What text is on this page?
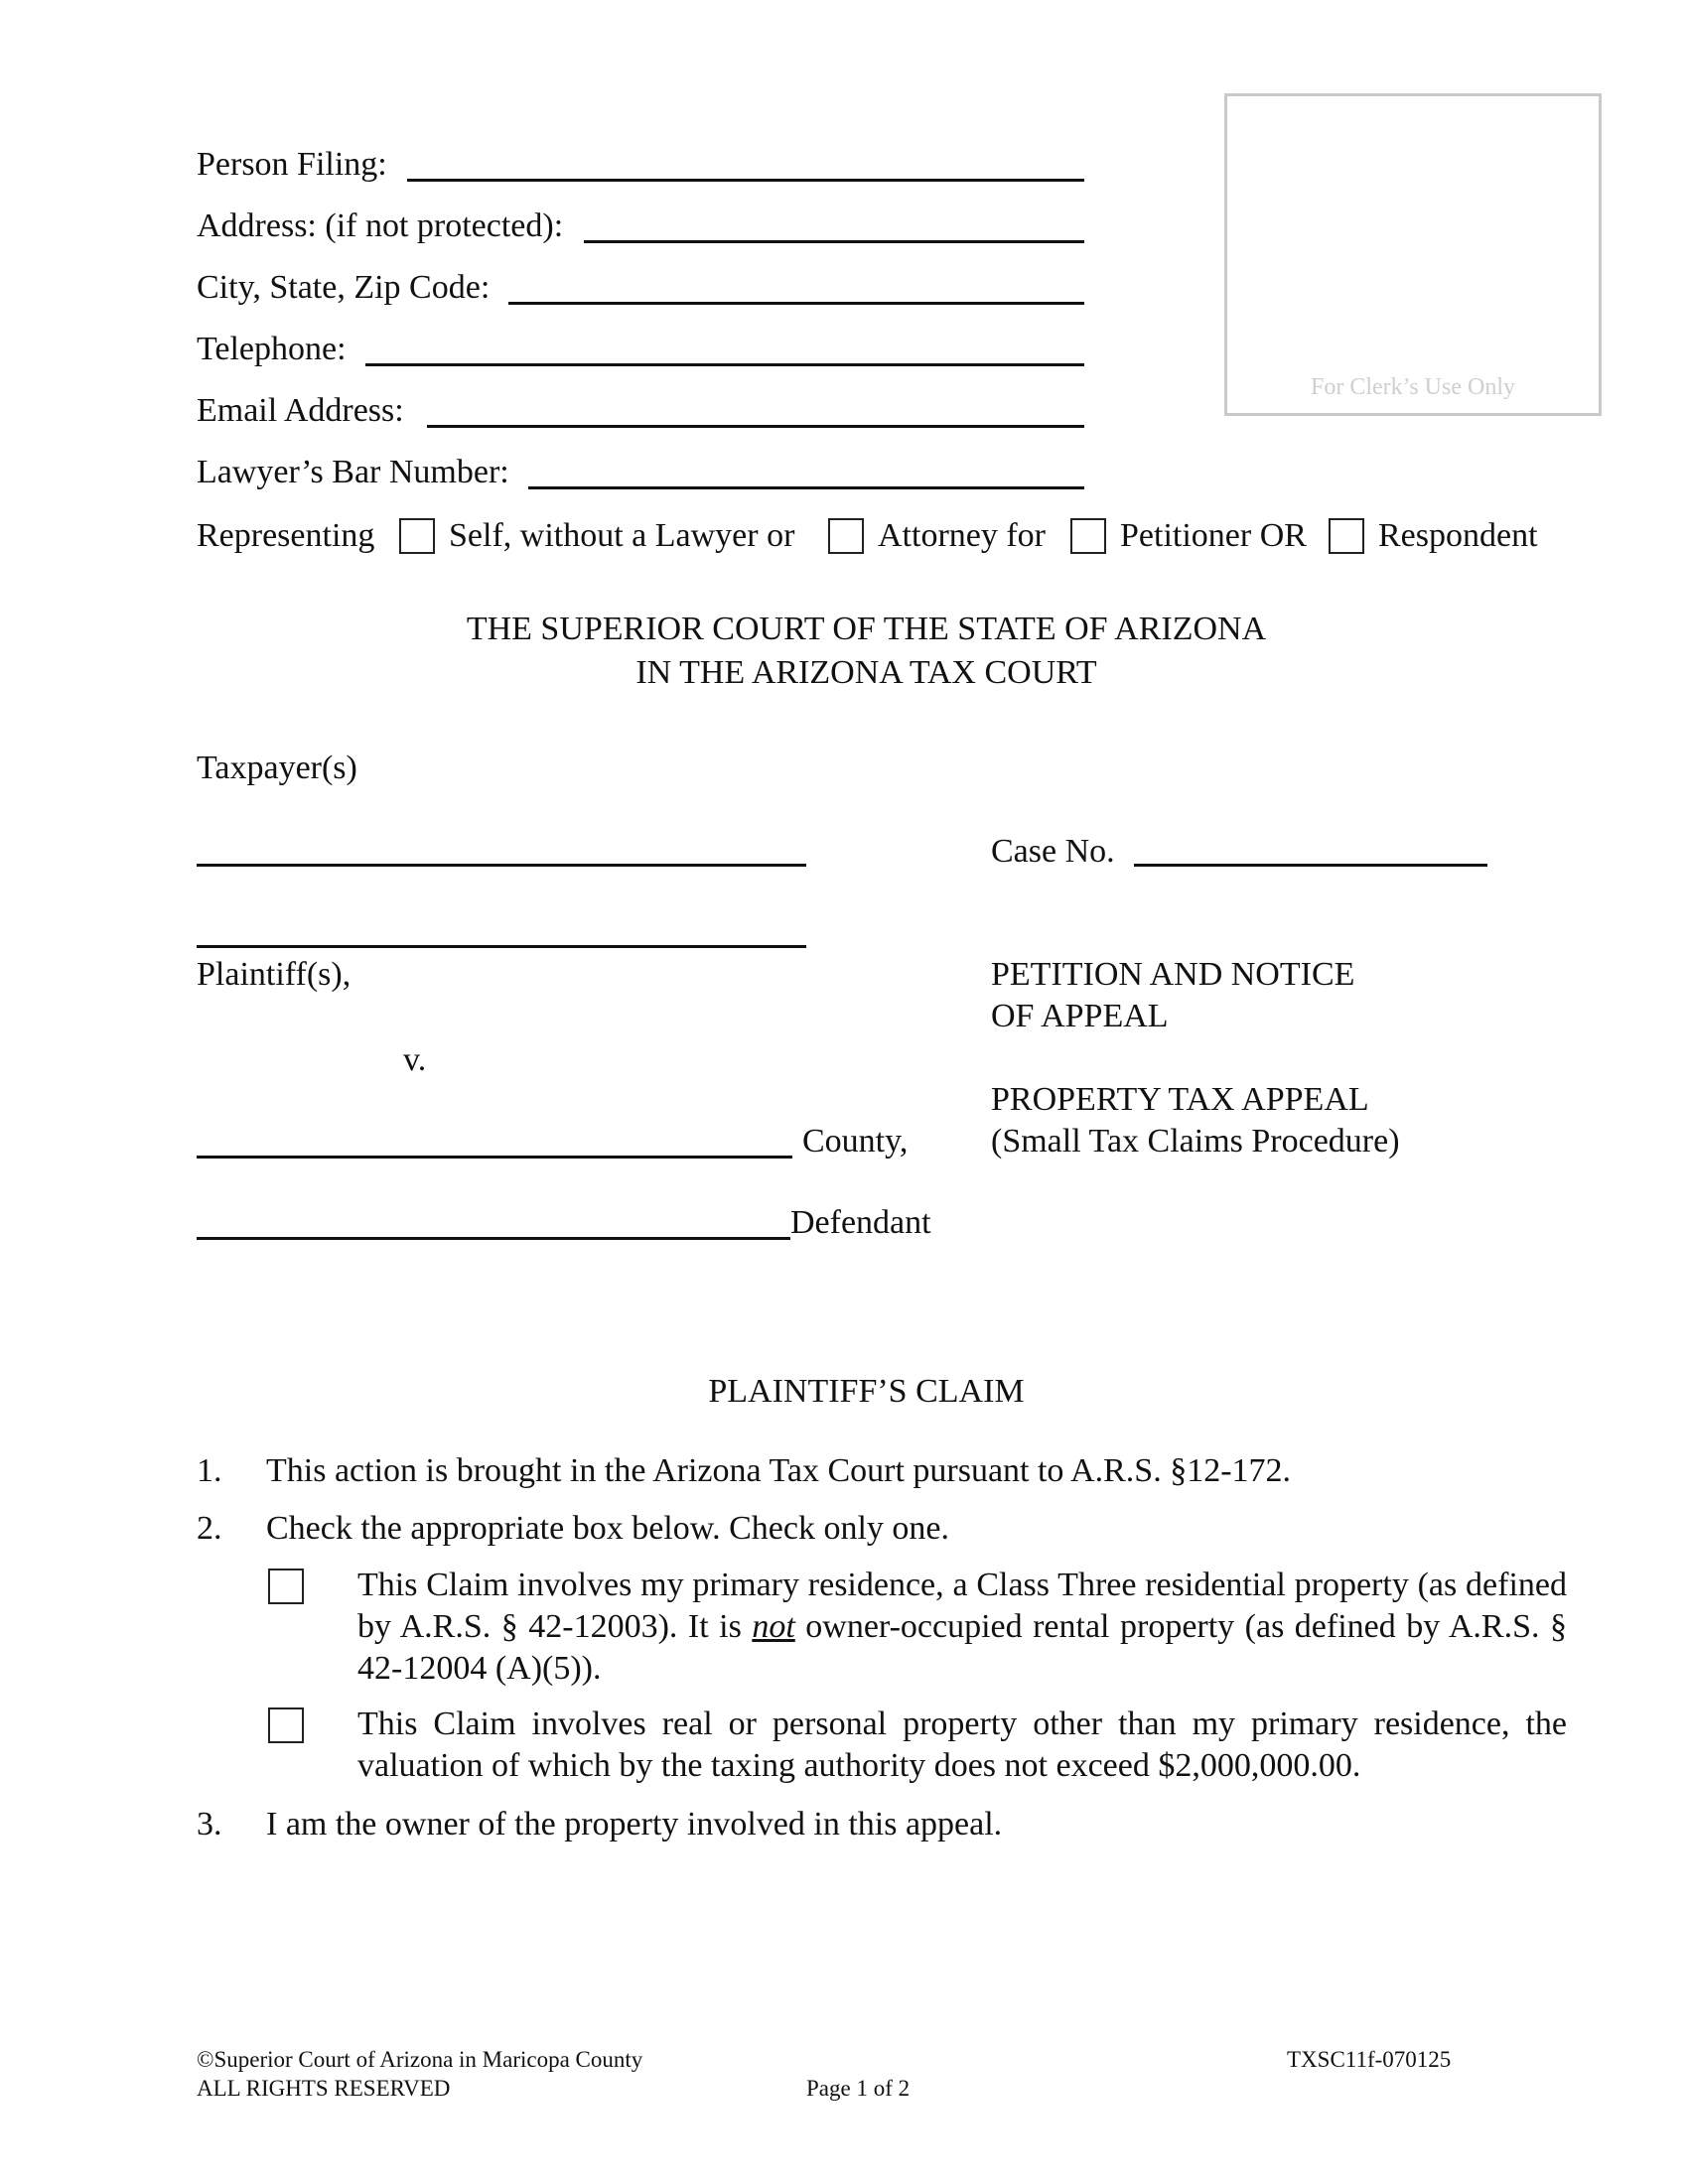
Person Filing:
Address: (if not protected):
City, State, Zip Code:
Telephone:
Email Address:
Lawyer’s Bar Number:
Representing Self, without a Lawyer or Attorney for Petitioner OR Respondent
For Clerk’s Use Only
THE SUPERIOR COURT OF THE STATE OF ARIZONA
IN THE ARIZONA TAX COURT
Taxpayer(s)
Case No.
Plaintiff(s),	PETITION AND NOTICE
OF APPEAL
v.
PROPERTY TAX APPEAL
(Small Tax Claims Procedure)
County,
Defendant
PLAINTIFF’S CLAIM
1. This action is brought in the Arizona Tax Court pursuant to A.R.S. §12-172.
2. Check the appropriate box below. Check only one.
This Claim involves my primary residence, a Class Three residential property (as defined by A.R.S. § 42-12003). It is not owner-occupied rental property (as defined by A.R.S. § 42-12004 (A)(5)).
This Claim involves real or personal property other than my primary residence, the valuation of which by the taxing authority does not exceed $2,000,000.00.
3. I am the owner of the property involved in this appeal.
©Superior Court of Arizona in Maricopa County
ALL RIGHTS RESERVED	Page 1 of 2
TXSC11f-070125
